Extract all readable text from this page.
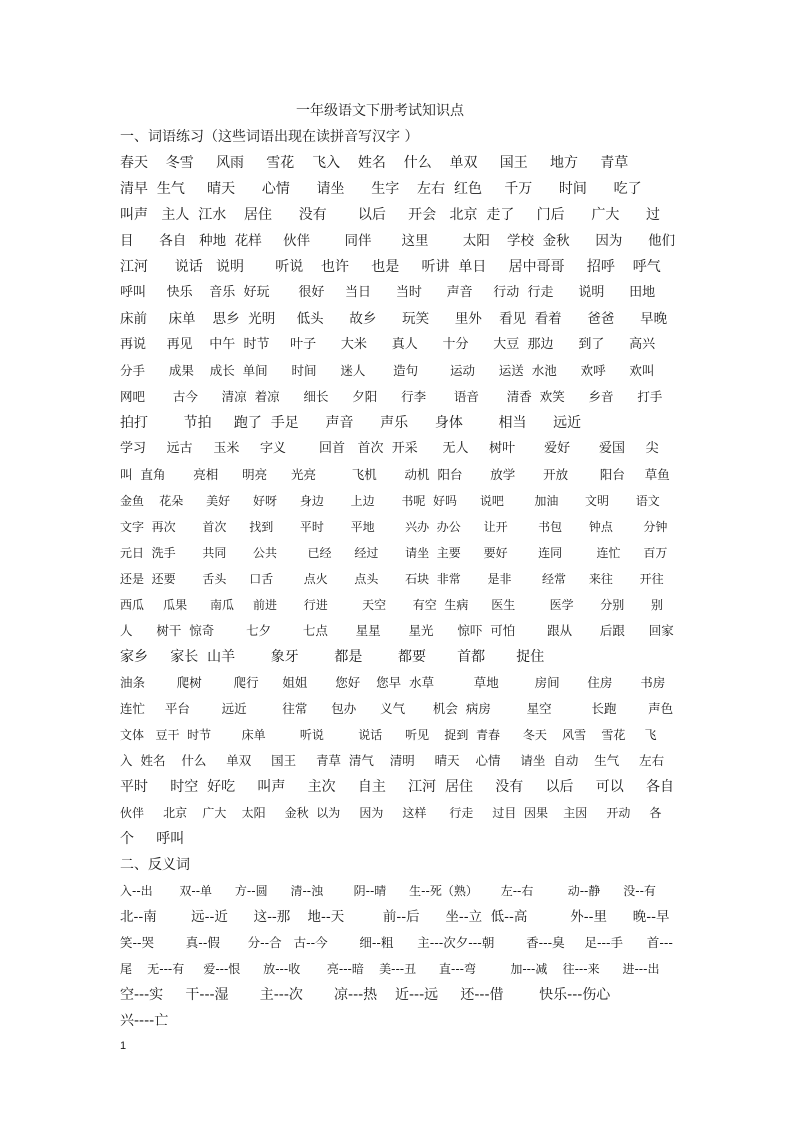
一年级语文下册考试知识点
一、词语练习（这些词语出现在读拼音写汉字 ）
春天    冬雪     风雨     雪花    飞入    姓名    什么    单双     国王     地方     青草
清早  生气     晴天      心情      请坐      生字    左右  红色     千万      时间      吃了
叫声   主人  江水    居住      没有       以后     开会   北京  走了     门后      广大      过
目      各自   种地  花样     伙伴        同伴       这里        太阳    学校  金秋      因为      他们
江河      说话   说明       听说    也许     也是     听讲  单日     居中哥哥     招呼    呼气
呼叫     快乐    音乐  好玩       很好     当日      当时      声音     行动  行走      说明      田地
床前     床单    思乡  光明     低头      故乡      玩笑      里外    看见  看着      爸爸      早晚
再说     再见    中午  时节     叶子      大米      真人      十分      大豆  那边      到了      高兴
分手      成果    成长  单间      时间      迷人       造句        运动      运送  水池      欢呼      欢叫
网吧       古今      清凉  着凉      细长      夕阳      行李       语音       清香  欢笑      乡音      打手
拍打        节拍     跑了  手足      声音      声乐      身体        相当      远近
学习     远古     玉米     字义        回首   首次  开采      无人     树叶       爱好       爱国     尖
叫  直角       亮相      明亮      光亮         飞机       动机  阳台       放学       开放        阳台     草鱼
金鱼    花朵      美好      好呀      身边       上边       书呢  好吗      说吧        加油       文明       语文
文字  再次       首次      找到       平时       平地        兴办  办公      让开        书包       钟点        分钟
元日  洗手       共同       公共        已经      经过       请坐  主要      要好        连同         连忙      百万
还是  还要       舌头      口舌        点火       点头       石块  非常       是非        经常      来往       开往
西瓜     瓜果      南瓜     前进       行进         天空       有空  生病      医生         医学       分别       别
人      树干  惊奇        七夕        七点       星星       星光      惊吓  可怕        跟从       后跟      回家
家乡     家长  山羊        象牙        都是        都要       首都       捉住
油条        爬树        爬行      姐姐       您好    您早  水草          草地         房间       住房       书房
连忙     平台        远近         往常      包办      义气       机会  病房         星空          长跑        声色
文体   豆干  时节        床单         听说         说话      听见    捉到  青春      冬天    风雪    雪花     飞
入  姓名    什么     单双     国王     青草  清气    清明     晴天    心情     请坐  自动    生气     左右
平时     时空  好吃     叫声     主次     自主     江河  居住     没有     以后     可以     各自
伙伴     北京    广大    太阳     金秋  以为     因为     这样      行走     过目  因果    主因     开动     各
个     呼叫
二、反义词
入--出       双--单      方--圆      清--浊        阴--晴      生--死（熟）      左--右         动--静      没--有
北--南        远--近      这--那    地--天         前--后      坐--立  低--高          外--里      晚--早
笑--哭        真--假       分--合   古--今        细--粗      主---次夕---朝        香---臭     足---手      首---
尾    无---有     爱---恨      放---收       亮---暗    美---丑      直---弯         加---减    往---来      进---出
空---实     干---湿       主---次       凉---热    近---远     还---借        快乐---伤心
兴----亡
1
